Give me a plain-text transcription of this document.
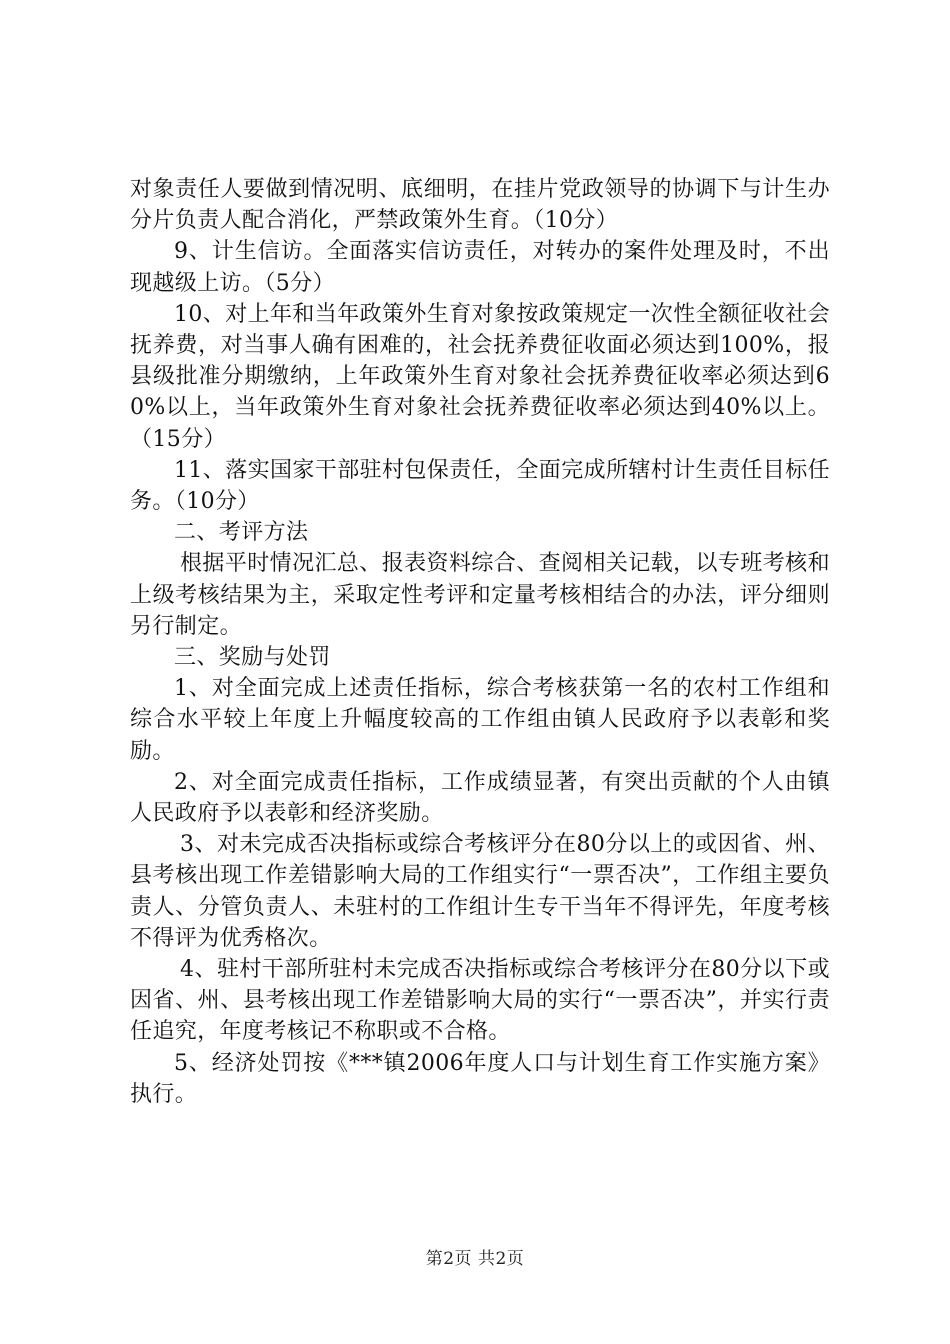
对象责任人要做到情况明、底细明，在挂片党政领导的协调下与计生办分片负责人配合消化，严禁政策外生育。（10分）

9、计生信访。全面落实信访责任，对转办的案件处理及时，不出现越级上访。（5分）

10、对上年和当年政策外生育对象按政策规定一次性全额征收社会抚养费，对当事人确有困难的，社会抚养费征收面必须达到100%，报县级批准分期缴纳，上年政策外生育对象社会抚养费征收率必须达到60%以上，当年政策外生育对象社会抚养费征收率必须达到40%以上。（15分）

11、落实国家干部驻村包保责任，全面完成所辖村计生责任目标任务。（10分）

二、考评方法

根据平时情况汇总、报表资料综合、查阅相关记载，以专班考核和上级考核结果为主，采取定性考评和定量考核相结合的办法，评分细则另行制定。

三、奖励与处罚

1、对全面完成上述责任指标，综合考核获第一名的农村工作组和综合水平较上年度上升幅度较高的工作组由镇人民政府予以表彰和奖励。

2、对全面完成责任指标，工作成绩显著，有突出贡献的个人由镇人民政府予以表彰和经济奖励。

3、对未完成否决指标或综合考核评分在80分以上的或因省、州、县考核出现工作差错影响大局的工作组实行“一票否决”，工作组主要负责人、分管负责人、未驻村的工作组计生专干当年不得评先，年度考核不得评为优秀格次。

4、驻村干部所驻村未完成否决指标或综合考核评分在80分以下或因省、州、县考核出现工作差错影响大局的实行“一票否决”，并实行责任追究，年度考核记不称职或不合格。

5、经济处罚按《***镇2006年度人口与计划生育工作实施方案》执行。

第2页 共2页
